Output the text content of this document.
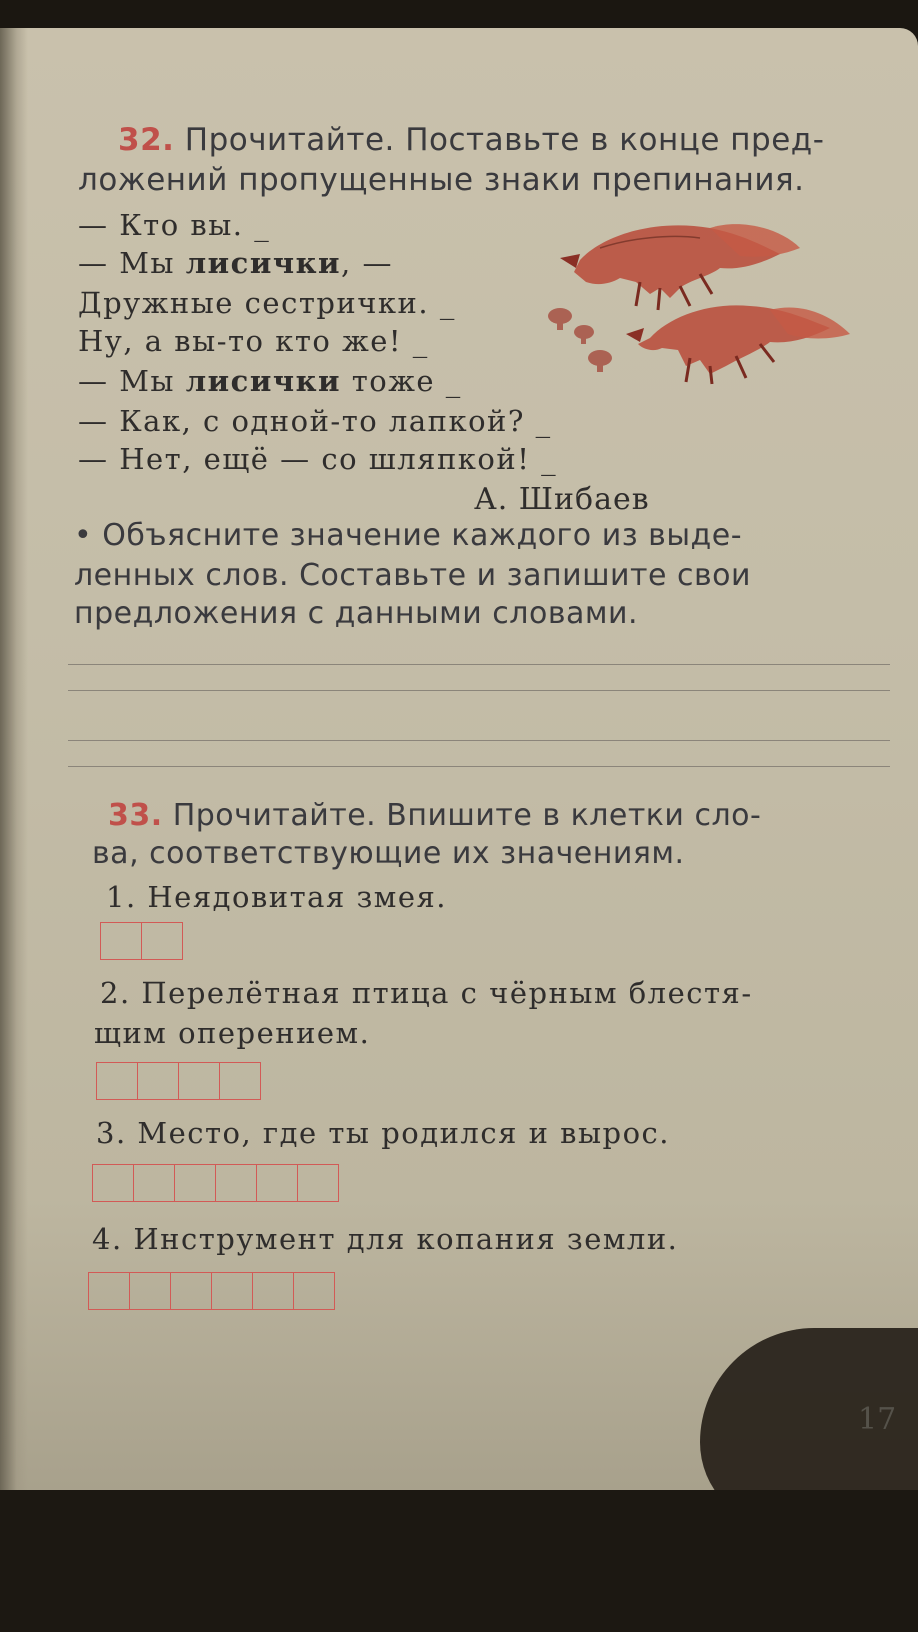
32. Прочитайте. Поставьте в конце пред-
ложений пропущенные знаки препинания.
— Кто вы. _
— Мы лисички, —
Дружные сестрички. _
Ну, а вы-то кто же! _
— Мы лисички тоже _
— Как, с одной-то лапкой? _
— Нет, ещё — со шляпкой! _
А. Шибаев
• Объясните значение каждого из выде-
ленных слов. Составьте и запишите свои
предложения с данными словами.
33. Прочитайте. Впишите в клетки сло-
ва, соответствующие их значениям.
1. Неядовитая змея.
2. Перелётная птица с чёрным блестя-
щим оперением.
3. Место, где ты родился и вырос.
4. Инструмент для копания земли.
17
